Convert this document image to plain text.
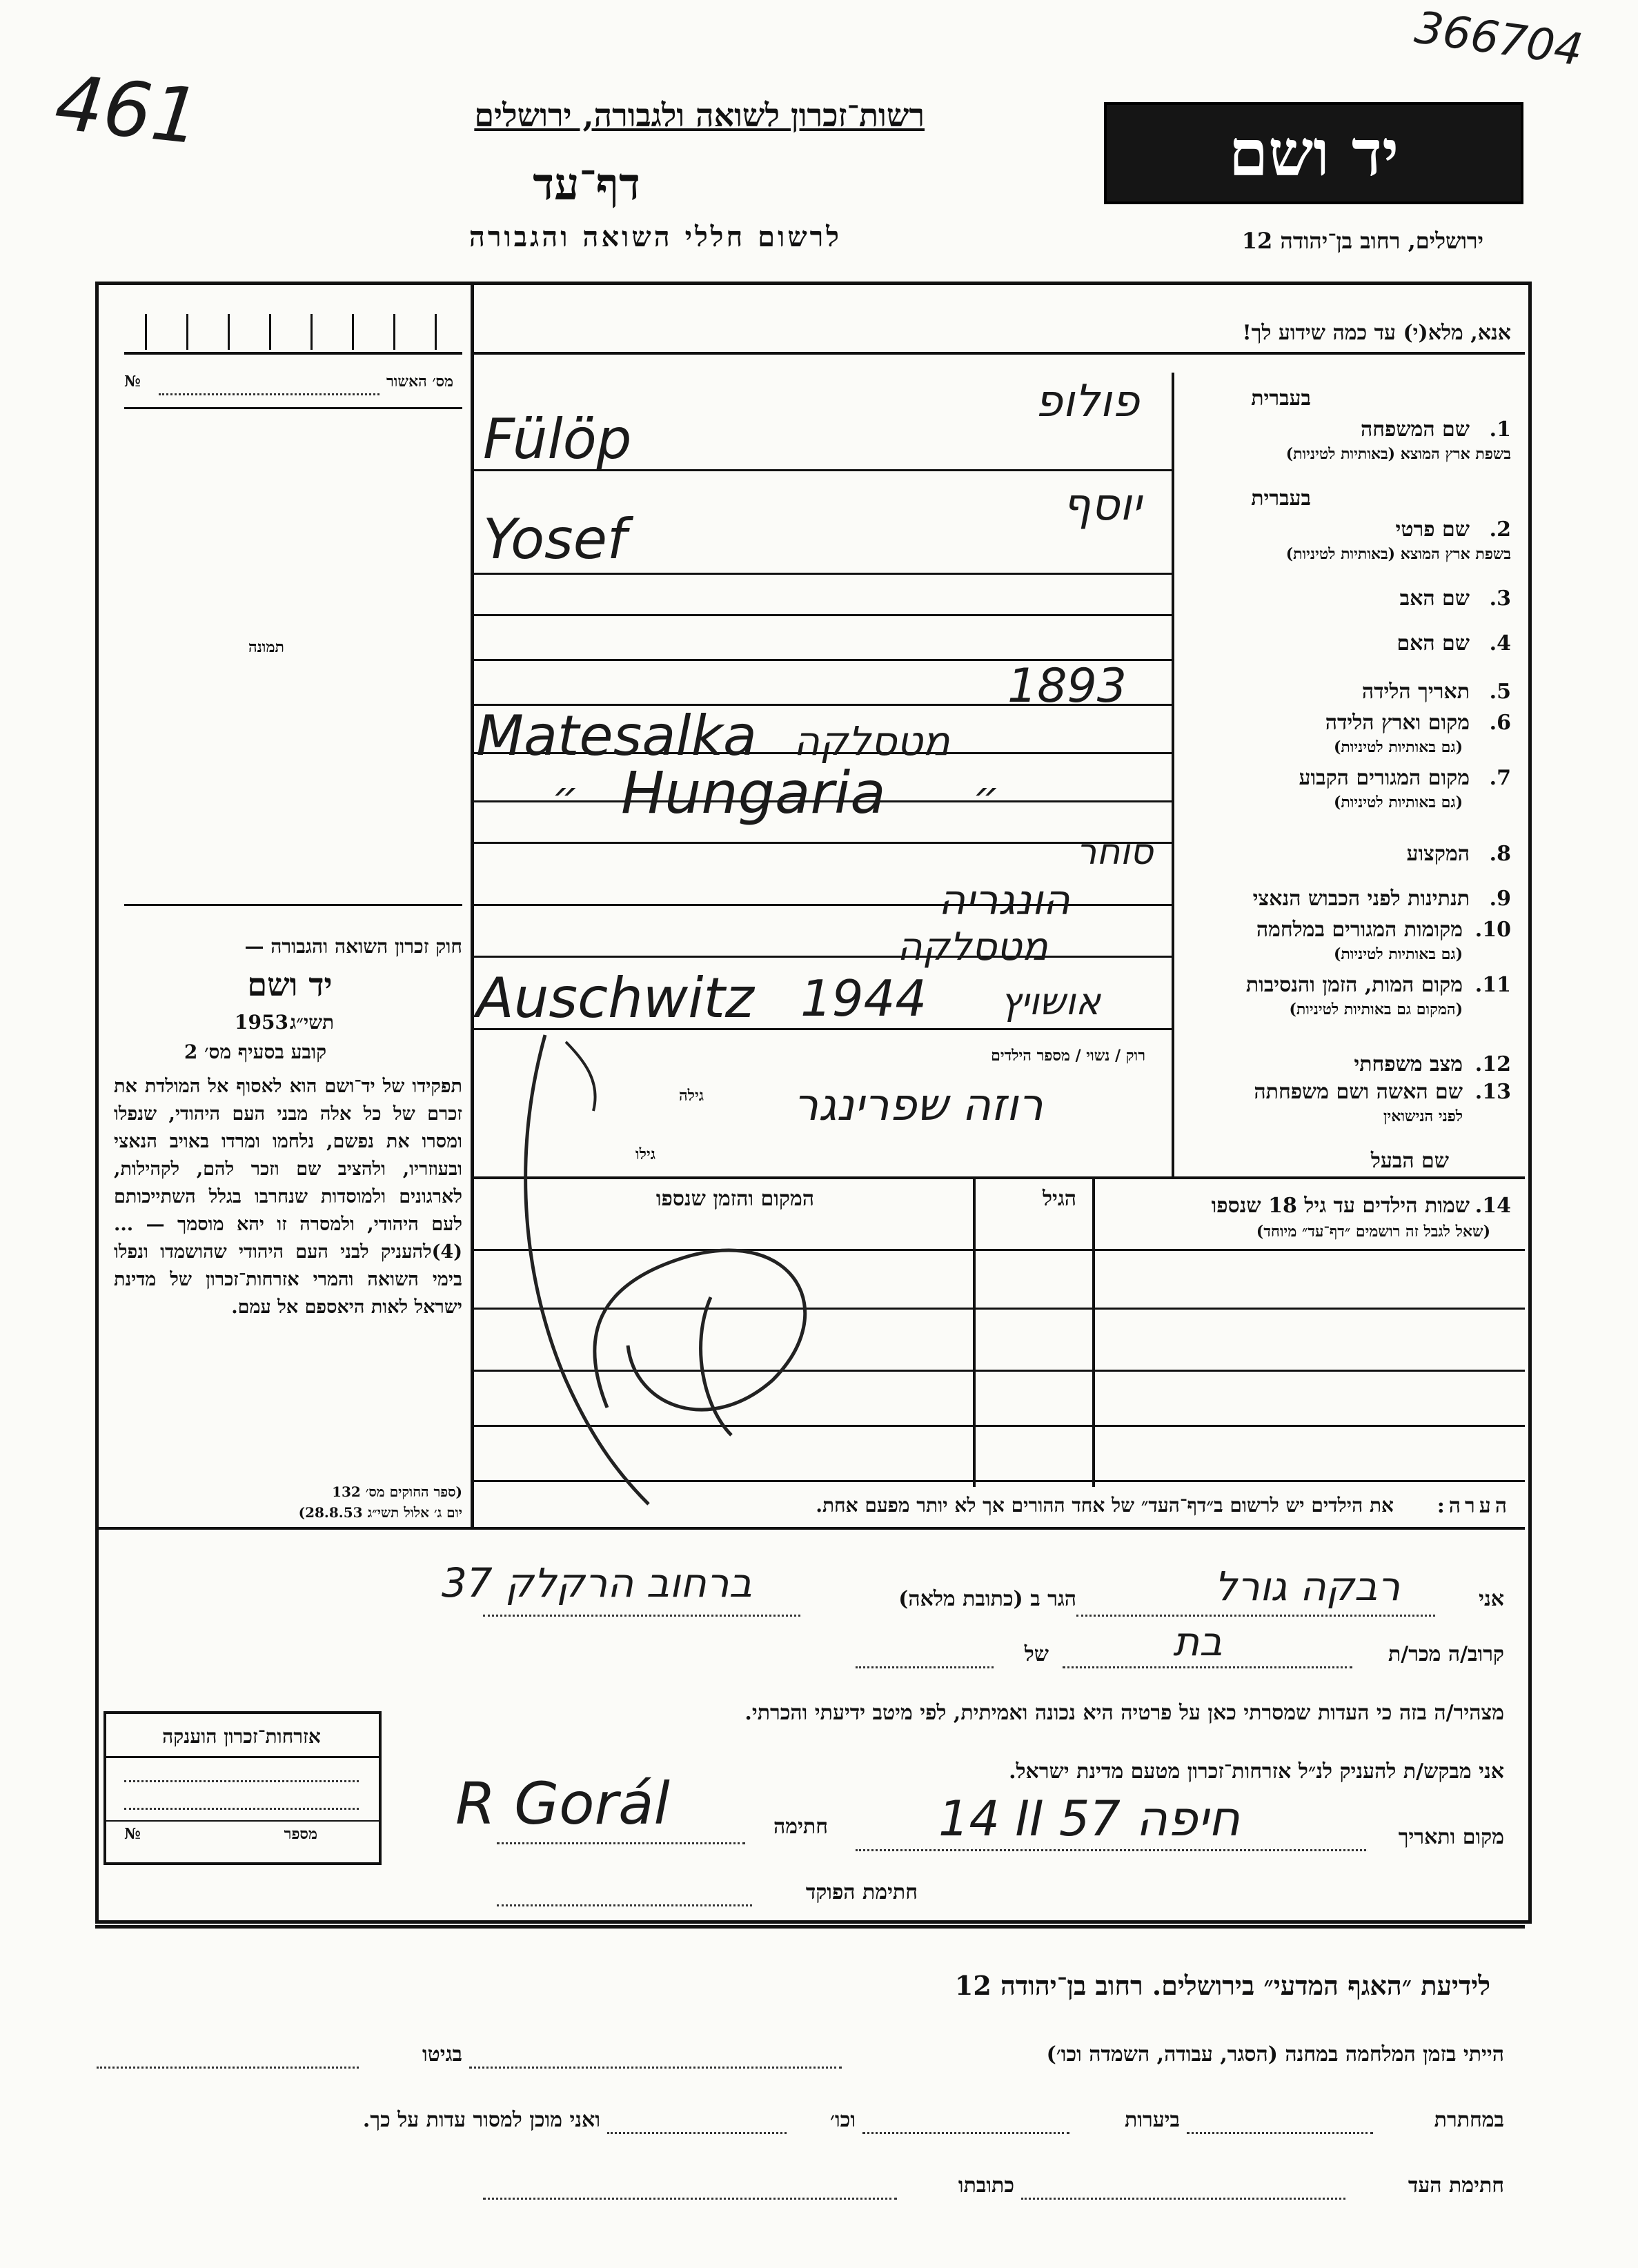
366704
461	רשות־זכרון לשואה ולגבורה, ירושלים
דף־עד
לרשום חללי השואה והגבורה
יד ושם
ירושלים, רחוב בן־יהודה 12
מס׳ האשור
№
תמונה
חוק זכרון השואה והגבורה —
יד ושם
תשי״ג
1953
קובע בסעיף מס׳ 2
תפקידו של יד־ושם הוא לאסוף אל המולדת את זכרם של כל אלה מבני העם היהודי, שנפלו ומסרו את נפשם, נלחמו ומרדו באויב הנאצי ובעוזריו, ולהציב שם וזכר להם, לקהילות, לארגונים ולמוסדות שנחרבו בגלל השתייכותם לעם היהודי, ולמסרה זו יהא מוסמך — ...(4)להעניק לבני העם היהודי שהושמדו ונפלו בימי השואה והמרי אזרחות־זכרון של מדינת ישראל לאות היאספם אל עמם.
(ספר החוקים מס׳ 132
יום ג׳ אלול תשי״ג 28.8.53)
אנא, מלא(י) עד כמה שידוע לך!
בעברית
1.
שם המשפחה
בשפת ארץ המוצא (באותיות לטיניות)
בעברית
2.
שם פרטי
בשפת ארץ המוצא (באותיות לטיניות)
3.
שם האב
4.
שם האם
5.
תאריך הלידה
6.
מקום וארץ הלידה
(גם באותיות לטיניות)
7.
מקום המגורים הקבוע
(גם באותיות לטיניות)
8.
המקצוע
9.
תנתינות לפני הכבוש הנאצי
10.
מקומות המגורים במלחמה
(גם באותיות לטיניות)
11.
מקום המות, הזמן והנסיבות
(המקום גם באותיות לטיניות)
12.
מצב משפחתי
רוק / נשוי / מספר הילדים
13.
שם האשה ושם משפחתה
לפני הנישואין
גילה
שם הבעל
גילו
14.
שמות הילדים עד גיל 18 שנספו
(שאל לגבל זה רושמים ״דף־עד״ מיוחד)
הגיל
המקום והזמן שנספו
הערה:
את הילדים יש לרשום ב״דף־העד״ של אחד ההורים אך לא יותר מפעם אחת.
פולופ
Fülöp
יוסף
Yosef
1893
Matesalka מטסלקה
Hungaria
״	״
סוחר
הונגריה
מטסלקה
Auschwitz 1944 אושויץ
רוזה שפרינגר
אני
רבקה גורל
הגר ב (כתובת מלאה)
ברחוב הרקלק 37
קרוב/ה מכר/ת
בת
של
מצהיר/ה בזה כי העדות שמסרתי כאן על פרטיה היא נכונה ואמיתית, לפי מיטב ידיעתי והכרתי.
אני מבקש/ת להעניק לנ״ל אזרחות־זכרון מטעם מדינת ישראל.
מקום ותאריך
14 II 57 חיפה
חתימה
R Gorál
חתימת הפוקד
אזרחות־זכרון הוענקה
מספר
№
לידיעת ״האגף המדעי״ בירושלים. רחוב בן־יהודה 12
הייתי בזמן המלחמה במחנה (הסגר, עבודה, השמדה וכו׳)
בגיטו
במחתרת
ביערות
וכו׳
ואני מוכן למסור עדות על כך.
חתימת העד
כתובתו
